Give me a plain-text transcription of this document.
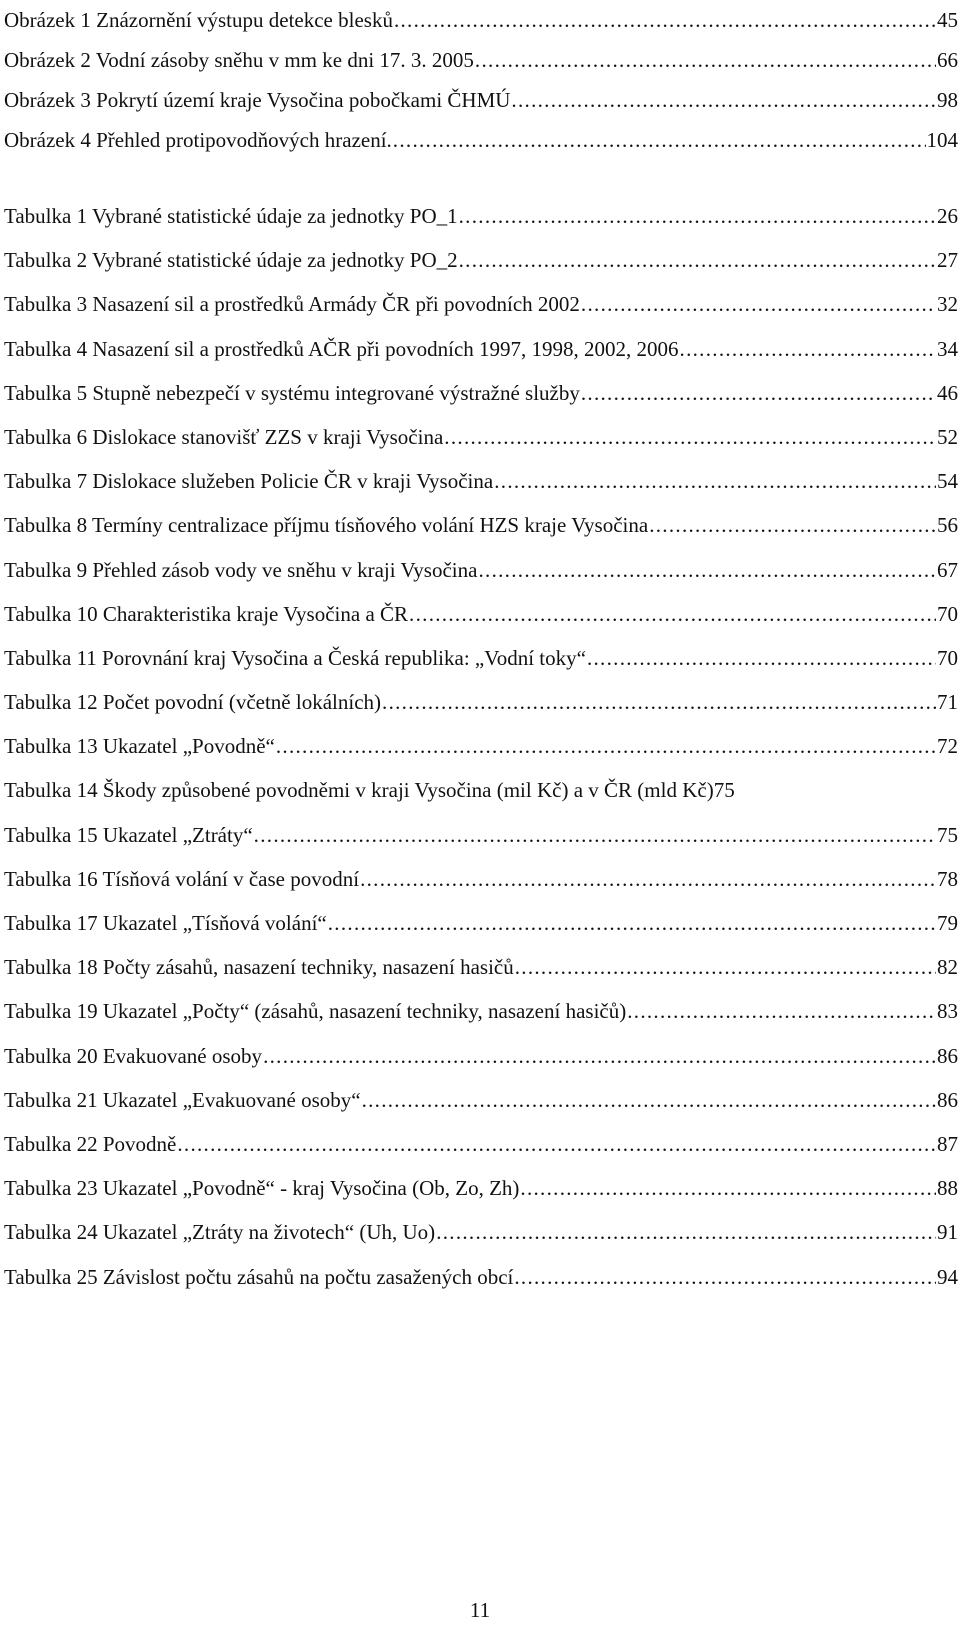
Obrázek 1 Znázornění výstupu detekce blesků .....	45
Obrázek 2 Vodní zásoby sněhu v mm ke dni 17. 3. 2005 .....	66
Obrázek 3 Pokrytí území kraje Vysočina pobočkami ČHMÚ .....	98
Obrázek 4 Přehled protipovodňových hrazení. .....	104
Tabulka 1 Vybrané statistické údaje za jednotky PO_1 .....	26
Tabulka 2 Vybrané statistické údaje za jednotky PO_2 .....	27
Tabulka 3 Nasazení sil a prostředků Armády ČR při povodních 2002 .....	32
Tabulka 4 Nasazení sil a prostředků AČR při povodních 1997, 1998, 2002, 2006 .....	34
Tabulka 5 Stupně nebezpečí v systému integrované výstražné služby .....	46
Tabulka 6 Dislokace stanovišť ZZS v kraji Vysočina .....	52
Tabulka 7 Dislokace služeben Policie ČR v kraji Vysočina .....	54
Tabulka 8 Termíny centralizace příjmu tísňového volání HZS kraje Vysočina .....	56
Tabulka 9 Přehled zásob vody ve sněhu v kraji Vysočina .....	67
Tabulka 10 Charakteristika kraje Vysočina a ČR .....	70
Tabulka 11 Porovnání kraj Vysočina a Česká republika: „Vodní toky“ .....	70
Tabulka 12 Počet povodní (včetně lokálních) .....	71
Tabulka 13 Ukazatel „Povodně“ .....	72
Tabulka 14 Škody způsobené povodněmi v kraji Vysočina (mil Kč) a v ČR (mld Kč) 75
Tabulka 15 Ukazatel „Ztráty“ .....	75
Tabulka 16 Tísňová volání v čase povodní .....	78
Tabulka 17 Ukazatel „Tísňová volání“ .....	79
Tabulka 18 Počty zásahů, nasazení techniky, nasazení hasičů .....	82
Tabulka 19 Ukazatel „Počty“ (zásahů, nasazení techniky, nasazení hasičů) .....	83
Tabulka 20 Evakuované osoby .....	86
Tabulka 21 Ukazatel „Evakuované osoby“ .....	86
Tabulka 22 Povodně .....	87
Tabulka 23 Ukazatel „Povodně“ - kraj Vysočina (Ob, Zo, Zh) .....	88
Tabulka 24 Ukazatel „Ztráty na životech“ (Uh, Uo) .....	91
Tabulka 25 Závislost počtu zásahů na počtu zasažených obcí .....	94
11
